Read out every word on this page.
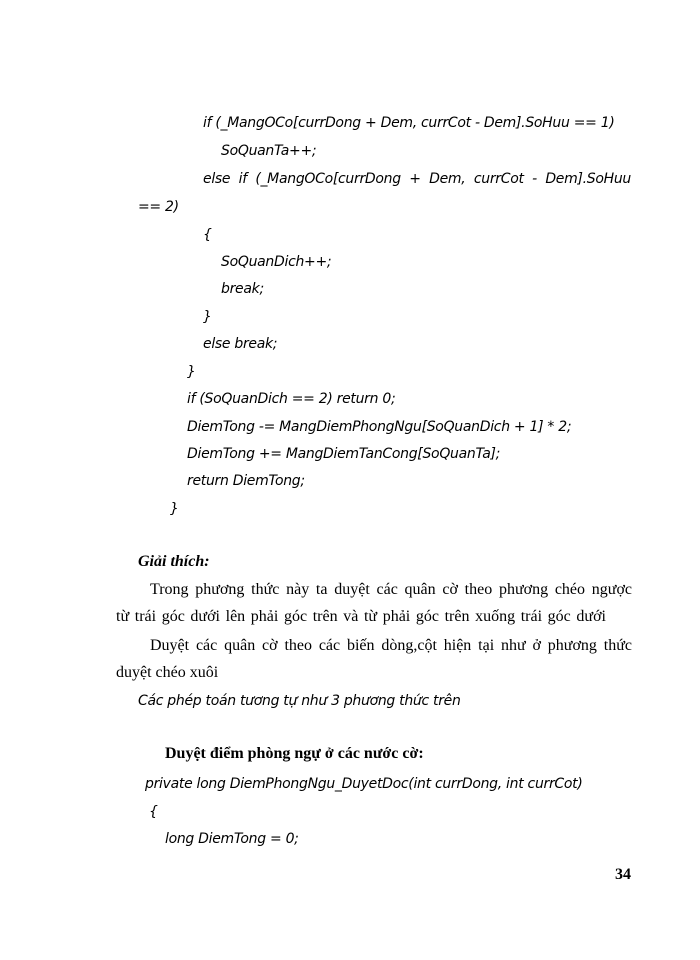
if (_MangOCo[currDong + Dem, currCot - Dem].SoHuu == 1)
SoQuanTa++;
else if (_MangOCo[currDong + Dem, currCot - Dem].SoHuu
== 2)
{
SoQuanDich++;
break;
}
else break;
}
if (SoQuanDich == 2) return 0;
DiemTong -= MangDiemPhongNgu[SoQuanDich + 1] * 2;
DiemTong += MangDiemTanCong[SoQuanTa];
return DiemTong;
}
Giải thích:
Trong phương thức này ta duyệt các quân cờ theo phương chéo ngược
từ trái góc dưới lên phải góc trên và từ phải góc trên xuống trái góc dưới
Duyệt các quân cờ theo các biến dòng,cột hiện tại như ở phương thức
duyệt chéo xuôi
Các phép toán tương tự như 3 phương thức trên
Duyệt điểm phòng ngự ở các nước cờ:
private long DiemPhongNgu_DuyetDoc(int currDong, int currCot)
{
long DiemTong = 0;
34
